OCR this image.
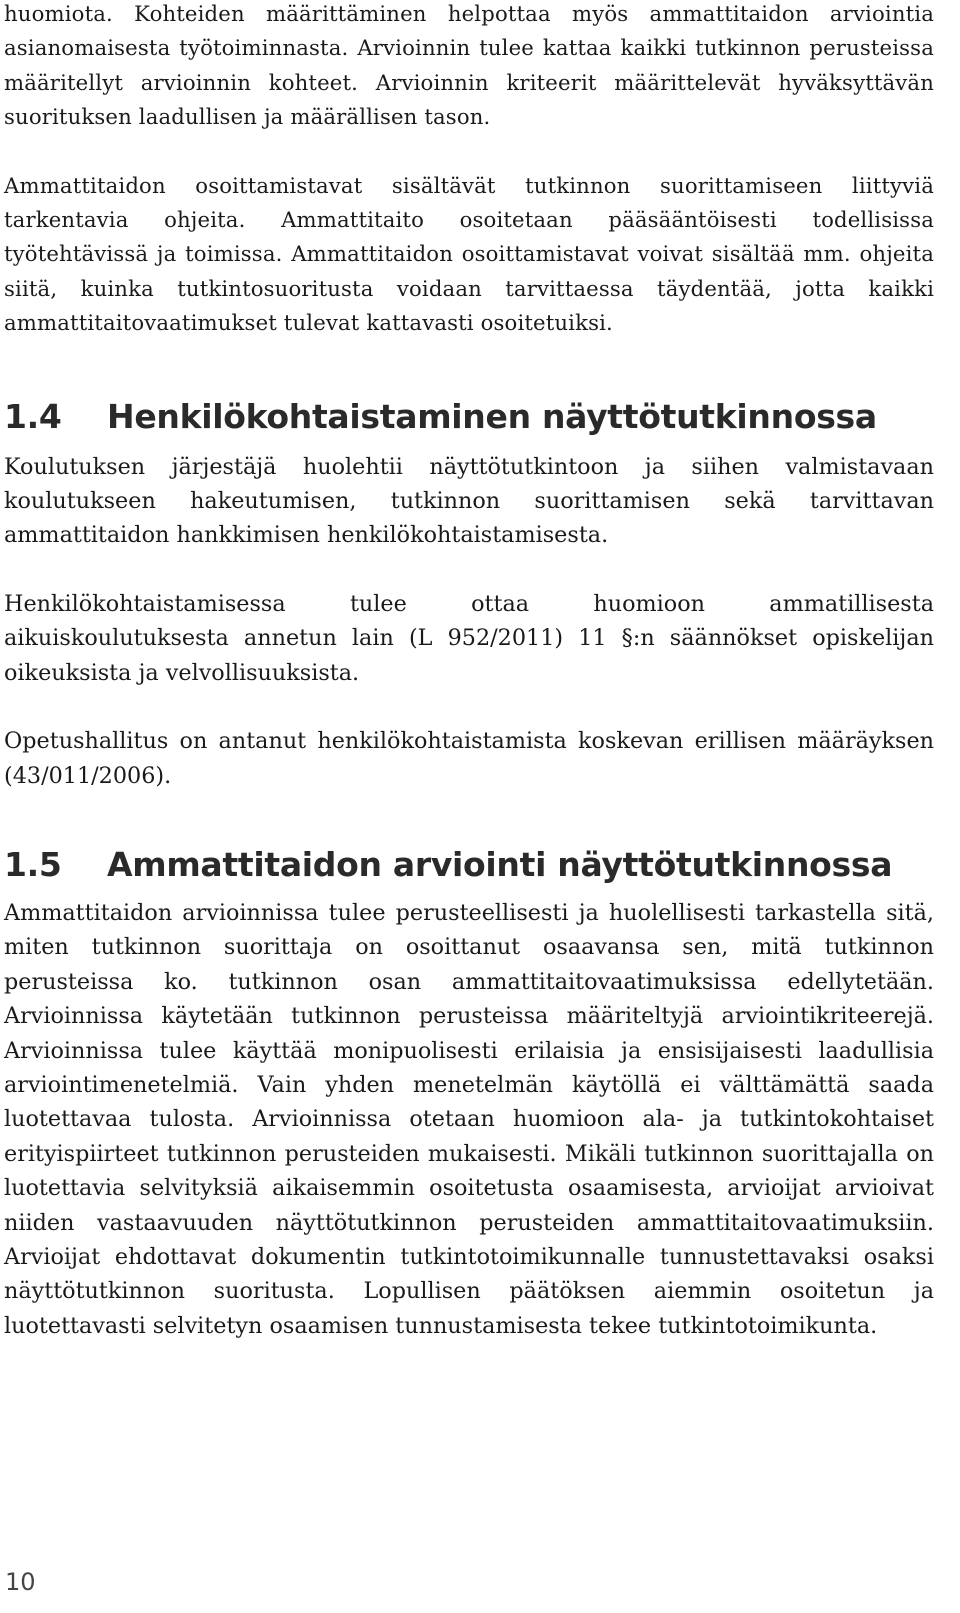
huomiota. Kohteiden määrittäminen helpottaa myös ammattitaidon arviointia asianomaisesta työtoiminnasta. Arvioinnin tulee kattaa kaikki tutkinnon perusteissa määritellyt arvioinnin kohteet. Arvioinnin kriteerit määrittelevät hyväksyttävän suorituksen laadullisen ja määrällisen tason.

Ammattitaidon osoittamistavat sisältävät tutkinnon suorittamiseen liittyviä tarkentavia ohjeita. Ammattitaito osoitetaan pääsääntöisesti todellisissa työtehtävissä ja toimissa. Ammattitaidon osoittamistavat voivat sisältää mm. ohjeita siitä, kuinka tutkintosuoritusta voidaan tarvittaessa täydentää, jotta kaikki ammattitaitovaatimukset tulevat kattavasti osoitetuiksi.

1.4	Henkilökohtaistaminen näyttötutkinnossa

Koulutuksen järjestäjä huolehtii näyttötutkintoon ja siihen valmistavaan koulutukseen hakeutumisen, tutkinnon suorittamisen sekä tarvittavan ammattitaidon hankkimisen henkilökohtaistamisesta.

Henkilökohtaistamisessa tulee ottaa huomioon ammatillisesta aikuiskoulutuksesta annetun lain (L 952/2011) 11 §:n säännökset opiskelijan oikeuksista ja velvollisuuksista.

Opetushallitus on antanut henkilökohtaistamista koskevan erillisen määräyksen (43/011/2006).

1.5	Ammattitaidon arviointi näyttötutkinnossa

Ammattitaidon arvioinnissa tulee perusteellisesti ja huolellisesti tarkastella sitä, miten tutkinnon suorittaja on osoittanut osaavansa sen, mitä tutkinnon perusteissa ko. tutkinnon osan ammattitaitovaatimuksissa edellytetään. Arvioinnissa käytetään tutkinnon perusteissa määriteltyjä arviointikriteerejä. Arvioinnissa tulee käyttää monipuolisesti erilaisia ja ensisijaisesti laadullisia arviointimenetelmiä. Vain yhden menetelmän käytöllä ei välttämättä saada luotettavaa tulosta. Arvioinnissa otetaan huomioon ala- ja tutkintokohtaiset erityispiirteet tutkinnon perusteiden mukaisesti. Mikäli tutkinnon suorittajalla on luotettavia selvityksiä aikaisemmin osoitetusta osaamisesta, arvioijat arvioivat niiden vastaavuuden näyttötutkinnon perusteiden ammattitaitovaatimuksiin. Arvioijat ehdottavat dokumentin tutkintotoimikunnalle tunnustettavaksi osaksi näyttötutkinnon suoritusta. Lopullisen päätöksen aiemmin osoitetun ja luotettavasti selvitetyn osaamisen tunnustamisesta tekee tutkintotoimikunta.

10
